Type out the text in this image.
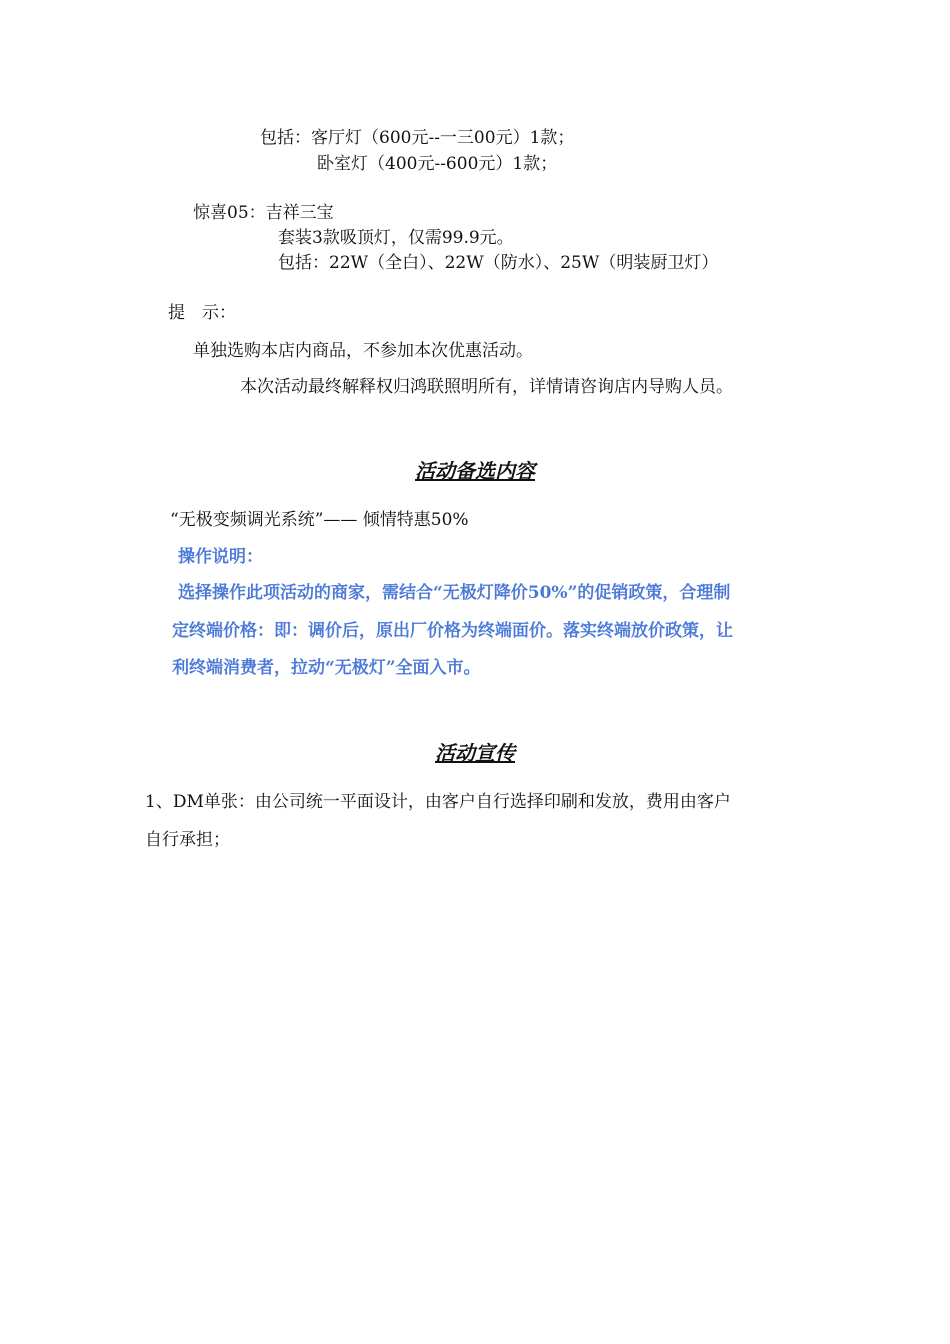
包括：客厅灯（600元--一三00元）1款；
卧室灯（400元--600元）1款；
惊喜05：吉祥三宝
套装3款吸顶灯，仅需99.9元。
包括：22W（全白）、22W（防水）、25W（明装厨卫灯）
提　示：
单独选购本店内商品，不参加本次优惠活动。
本次活动最终解释权归鸿联照明所有，详情请咨询店内导购人员。
活动备选内容
“无极变频调光系统”—— 倾情特惠50%
操作说明：
选择操作此项活动的商家，需结合“无极灯降价50%”的促销政策，合理制
定终端价格：即：调价后，原出厂价格为终端面价。落实终端放价政策，让
利终端消费者，拉动“无极灯”全面入市。
活动宣传
1、DM单张：由公司统一平面设计，由客户自行选择印刷和发放，费用由客户
自行承担；
